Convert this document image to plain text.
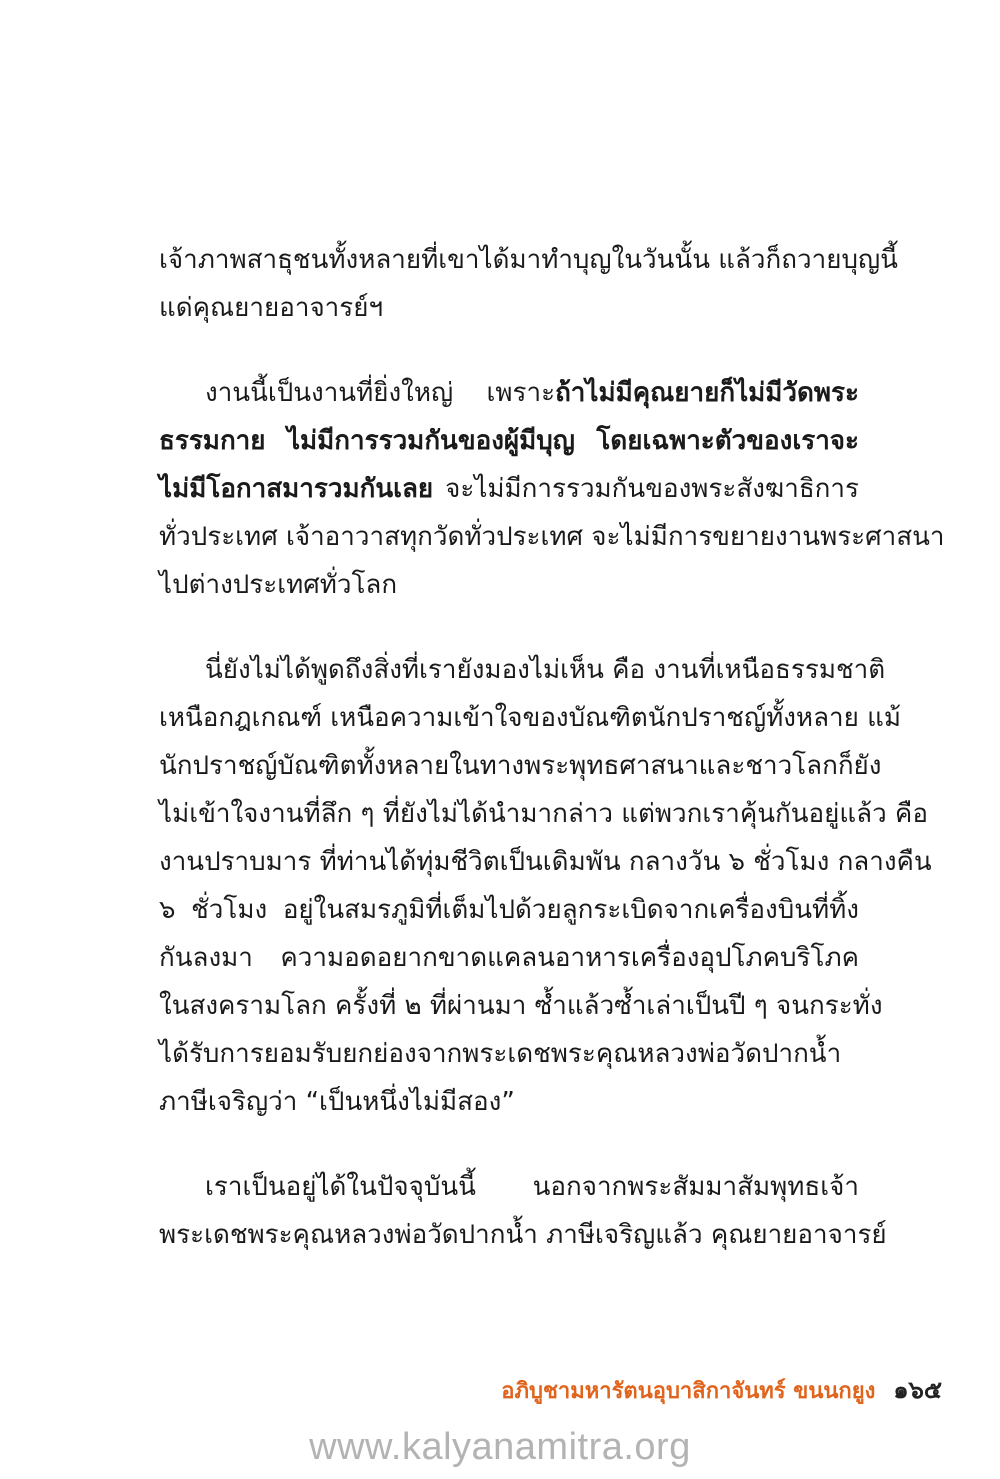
เจ้าภาพสาธุชนทั้งหลายที่เขาได้มาทำบุญในวันนั้น แล้วก็ถวายบุญนี้
แด่คุณยายอาจารย์ฯ
งานนี้เป็นงานที่ยิ่งใหญ่ เพราะถ้าไม่มีคุณยายก็ไม่มีวัดพระ
ธรรมกาย ไม่มีการรวมกันของผู้มีบุญ โดยเฉพาะตัวของเราจะ
ไม่มีโอกาสมารวมกันเลย จะไม่มีการรวมกันของพระสังฆาธิการ
ทั่วประเทศ เจ้าอาวาสทุกวัดทั่วประเทศ จะไม่มีการขยายงานพระศาสนา
ไปต่างประเทศทั่วโลก
นี่ยังไม่ได้พูดถึงสิ่งที่เรายังมองไม่เห็น คือ งานที่เหนือธรรมชาติ
เหนือกฎเกณฑ์ เหนือความเข้าใจของบัณฑิตนักปราชญ์ทั้งหลาย แม้
นักปราชญ์บัณฑิตทั้งหลายในทางพระพุทธศาสนาและชาวโลกก็ยัง
ไม่เข้าใจงานที่ลึก ๆ ที่ยังไม่ได้นำมากล่าว แต่พวกเราคุ้นกันอยู่แล้ว คือ
งานปราบมาร ที่ท่านได้ทุ่มชีวิตเป็นเดิมพัน กลางวัน ๖ ชั่วโมง กลางคืน
๖ ชั่วโมง อยู่ในสมรภูมิที่เต็มไปด้วยลูกระเบิดจากเครื่องบินที่ทิ้ง
กันลงมา ความอดอยากขาดแคลนอาหารเครื่องอุปโภคบริโภค
ในสงครามโลก ครั้งที่ ๒ ที่ผ่านมา ซ้ำแล้วซ้ำเล่าเป็นปี ๆ จนกระทั่ง
ได้รับการยอมรับยกย่องจากพระเดชพระคุณหลวงพ่อวัดปากน้ำ
ภาษีเจริญว่า “เป็นหนึ่งไม่มีสอง”
เราเป็นอยู่ได้ในปัจจุบันนี้ นอกจากพระสัมมาสัมพุทธเจ้า
พระเดชพระคุณหลวงพ่อวัดปากน้ำ ภาษีเจริญแล้ว คุณยายอาจารย์
อภิบูชามหารัตนอุบาสิกาจันทร์ ขนนกยูง ๑๖๕
www.kalyanamitra.org
